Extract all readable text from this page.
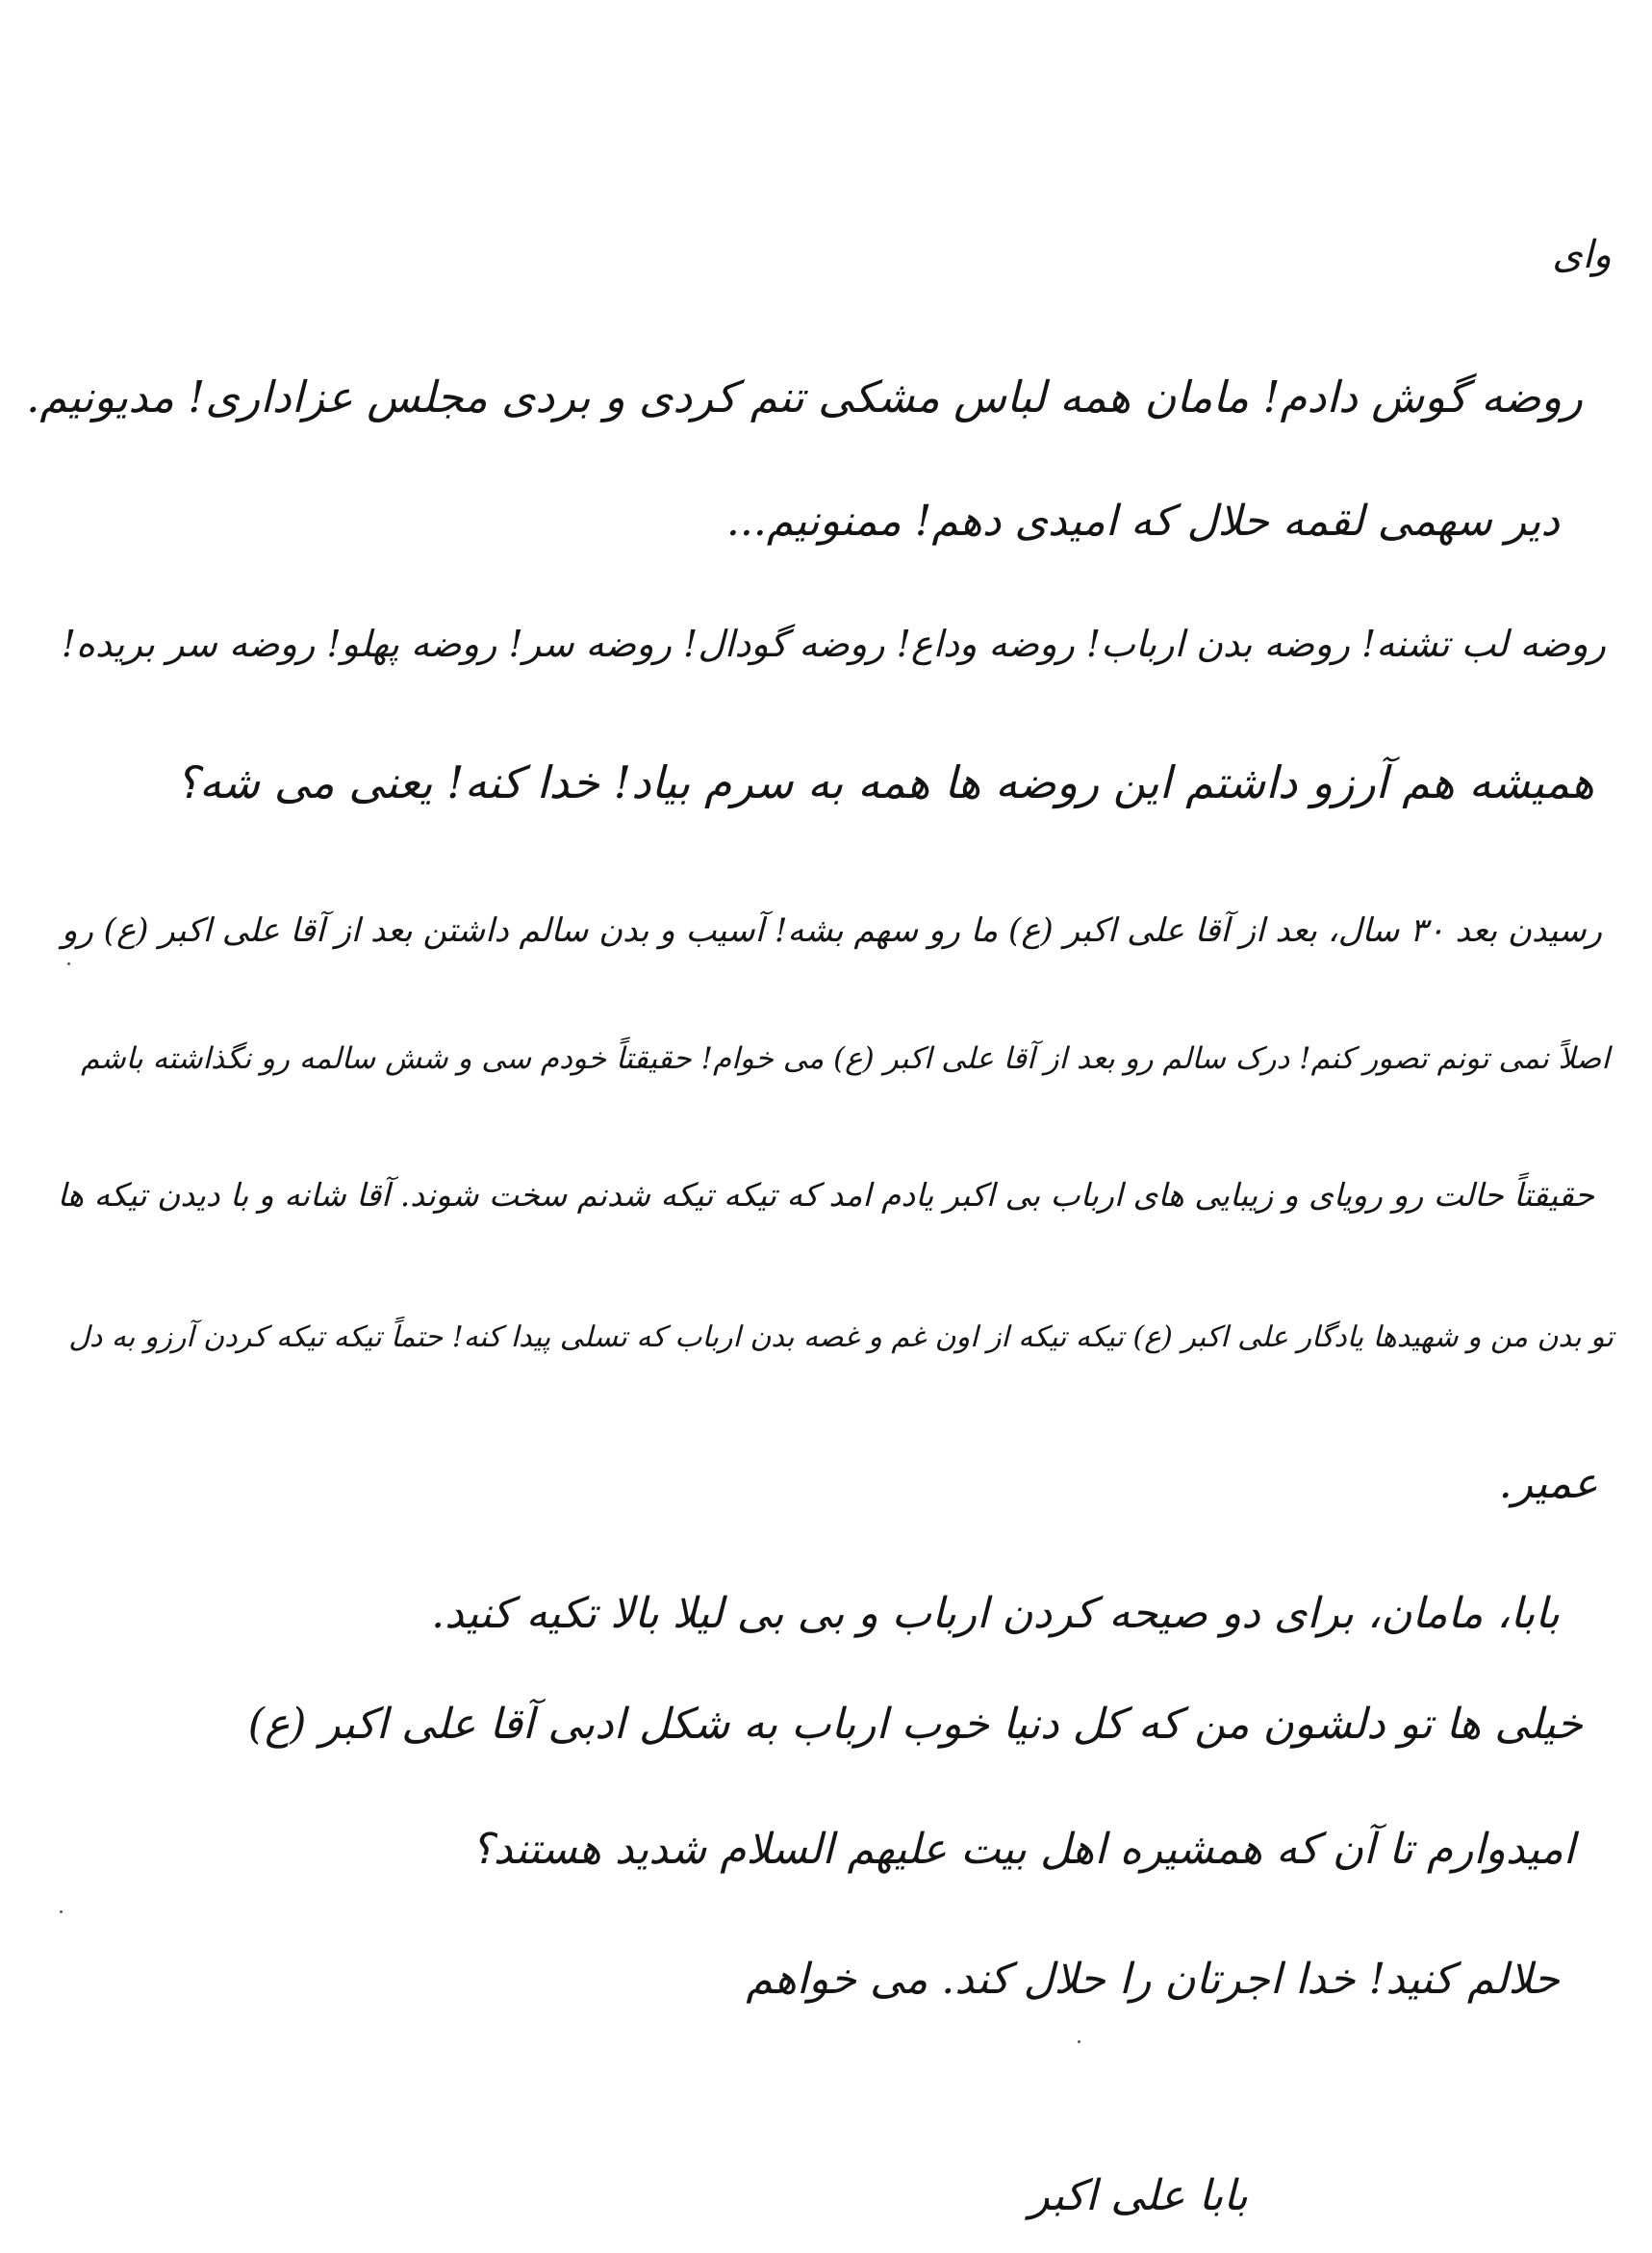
وای
روضه گوش دادم! مامان همه لباس مشکی تنم کردی و بردی مجلس عزاداری! مدیونیم.
دیر سهمی لقمه حلال که امیدی دهم! ممنونیم...
روضه لب تشنه! روضه بدن ارباب! روضه وداع! روضه گودال! روضه سر! روضه پهلو! روضه سر بریده!
همیشه هم آرزو داشتم این روضه ها همه به سرم بیاد! خدا کنه! یعنی می شه؟
رسیدن بعد ۳۰ سال، بعد از آقا علی اکبر (ع) ما رو سهم بشه! آسیب و بدن سالم داشتن بعد از آقا علی اکبر (ع) رو
اصلاً نمی تونم تصور کنم! درک سالم رو بعد از آقا علی اکبر (ع) می خوام! حقیقتاً خودم سی و شش سالمه رو نگذاشته باشم
حقیقتاً حالت رو رویای و زیبایی های ارباب بی اکبر یادم امد که تیکه تیکه شدنم سخت شوند. آقا شانه و با دیدن تیکه ها
تو بدن من و شهیدها یادگار علی اکبر (ع) تیکه تیکه از اون غم و غصه بدن ارباب که تسلی پیدا کنه! حتماً تیکه تیکه کردن آرزو به دل
عمیر.
بابا، مامان، برای دو صیحه کردن ارباب و بی بی لیلا بالا تکیه کنید.
خیلی ها تو دلشون من که کل دنیا خوب ارباب به شکل ادبی آقا علی اکبر (ع)
امیدوارم تا آن که همشیره اهل بیت علیهم السلام شدید هستند؟
حلالم کنید! خدا اجرتان را حلال کند. می خواهم
بابا علی اکبر
